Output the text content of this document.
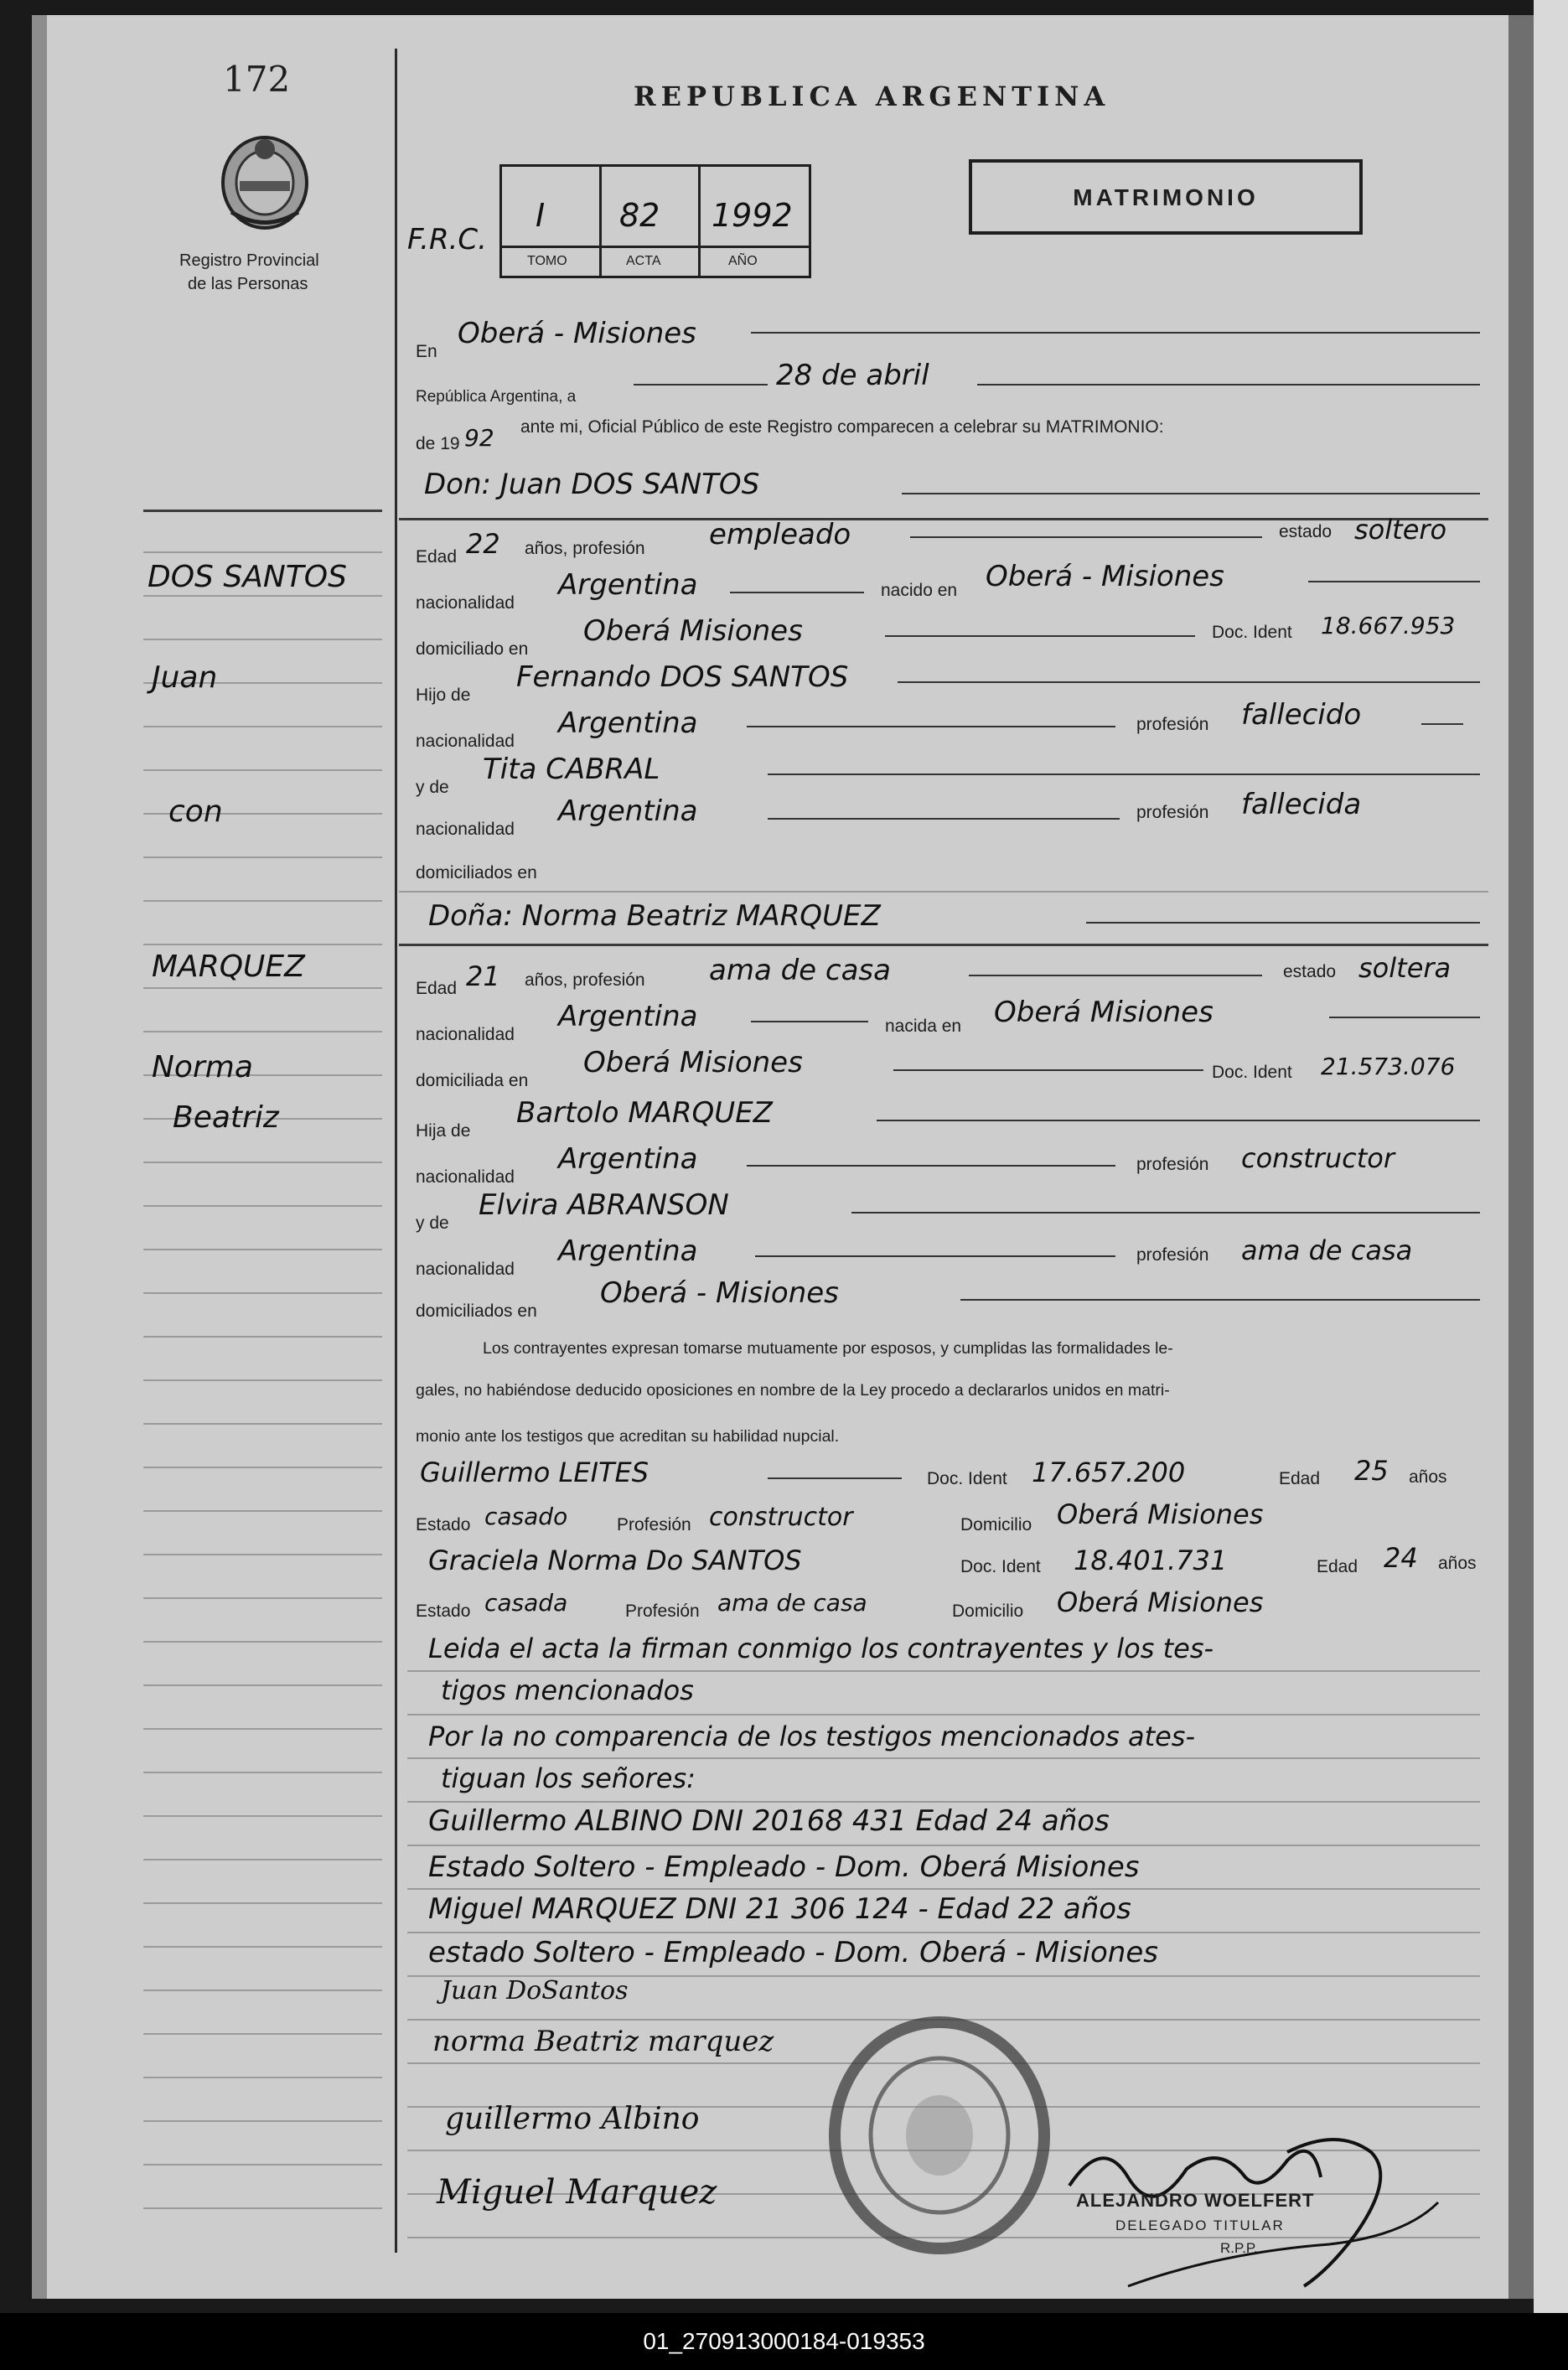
172
Registro Provincial
de las Personas
DOS SANTOS
Juan
con
MARQUEZ
Norma
Beatriz
REPUBLICA ARGENTINA
MATRIMONIO
F.R.C.
I 82 1992
TOMO	ACTA	AÑO
En
Oberá - Misiones
República Argentina, a
28 de abril
de 19 92 ante mi, Oficial Público de este Registro comparecen a celebrar su MATRIMONIO:
Don: Juan DOS SANTOS
Edad 22 años, profesión empleado	estado soltero
nacionalidad
Argentina	nacido en Oberá - Misiones
domiciliado en
Oberá Misiones	Doc. Ident 18.667.953
Hijo de
Fernando DOS SANTOS
nacionalidad
Argentina	profesión fallecido
y de
Tita CABRAL
nacionalidad
Argentina	profesión fallecida
domiciliados en
Doña: Norma Beatriz MARQUEZ
Edad 21 años, profesión ama de casa	estado soltera
nacionalidad
Argentina	nacida en Oberá Misiones
domiciliada en
Oberá Misiones	Doc. Ident 21.573.076
Hija de
Bartolo MARQUEZ
nacionalidad
Argentina	profesión constructor
y de
Elvira ABRANSON
nacionalidad
Argentina	profesión ama de casa
domiciliados en
Oberá - Misiones
Los contrayentes expresan tomarse mutuamente por esposos, y cumplidas las formalidades le-
gales, no habiéndose deducido oposiciones en nombre de la Ley procedo a declararlos unidos en matri-
monio ante los testigos que acreditan su habilidad nupcial.
Guillermo LEITES	Doc. Ident 17.657.200	Edad 25 años
Estado casado	Profesión constructor	Domicilio Oberá Misiones
Graciela Norma Do SANTOS	Doc. Ident 18.401.731	Edad 24 años
Estado casada	Profesión ama de casa	Domicilio Oberá Misiones
Leida el acta la firman conmigo los contrayentes y los tes-
tigos mencionados
Por la no comparencia de los testigos mencionados ates-
tiguan los señores:
Guillermo ALBINO DNI 20168 431 Edad 24 años
Estado Soltero - Empleado - Dom. Oberá Misiones
Miguel MARQUEZ DNI 21 306 124 - Edad 22 años
estado Soltero - Empleado - Dom. Oberá - Misiones
Juan DoSantos
norma Beatriz marquez
guillermo Albino
Miguel Marquez	ALEJANDRO WOELFERT
DELEGADO TITULAR
R.P.P.
01_270913000184-019353
